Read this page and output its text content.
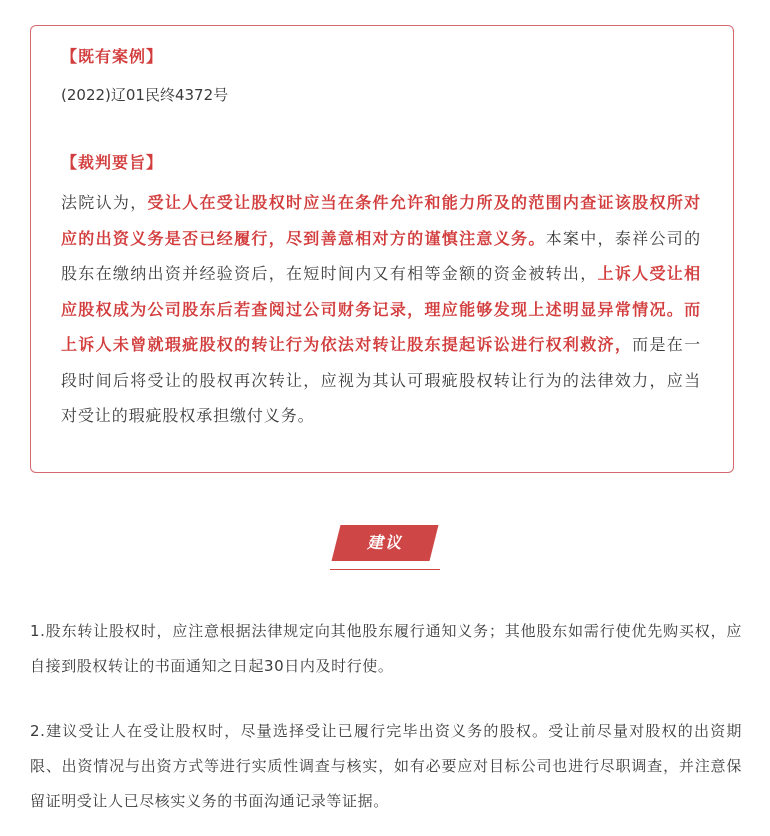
【既有案例】
(2022)辽01民终4372号
【裁判要旨】
法院认为，受让人在受让股权时应当在条件允许和能力所及的范围内查证该股权所对应的出资义务是否已经履行，尽到善意相对方的谨慎注意义务。本案中，泰祥公司的股东在缴纳出资并经验资后，在短时间内又有相等金额的资金被转出，上诉人受让相应股权成为公司股东后若查阅过公司财务记录，理应能够发现上述明显异常情况。而上诉人未曾就瑕疵股权的转让行为依法对转让股东提起诉讼进行权利救济，而是在一段时间后将受让的股权再次转让，应视为其认可瑕疵股权转让行为的法律效力，应当对受让的瑕疵股权承担缴付义务。
建议
1.股东转让股权时，应注意根据法律规定向其他股东履行通知义务；其他股东如需行使优先购买权，应自接到股权转让的书面通知之日起30日内及时行使。
2.建议受让人在受让股权时，尽量选择受让已履行完毕出资义务的股权。受让前尽量对股权的出资期限、出资情况与出资方式等进行实质性调查与核实，如有必要应对目标公司也进行尽职调查，并注意保留证明受让人已尽核实义务的书面沟通记录等证据。
